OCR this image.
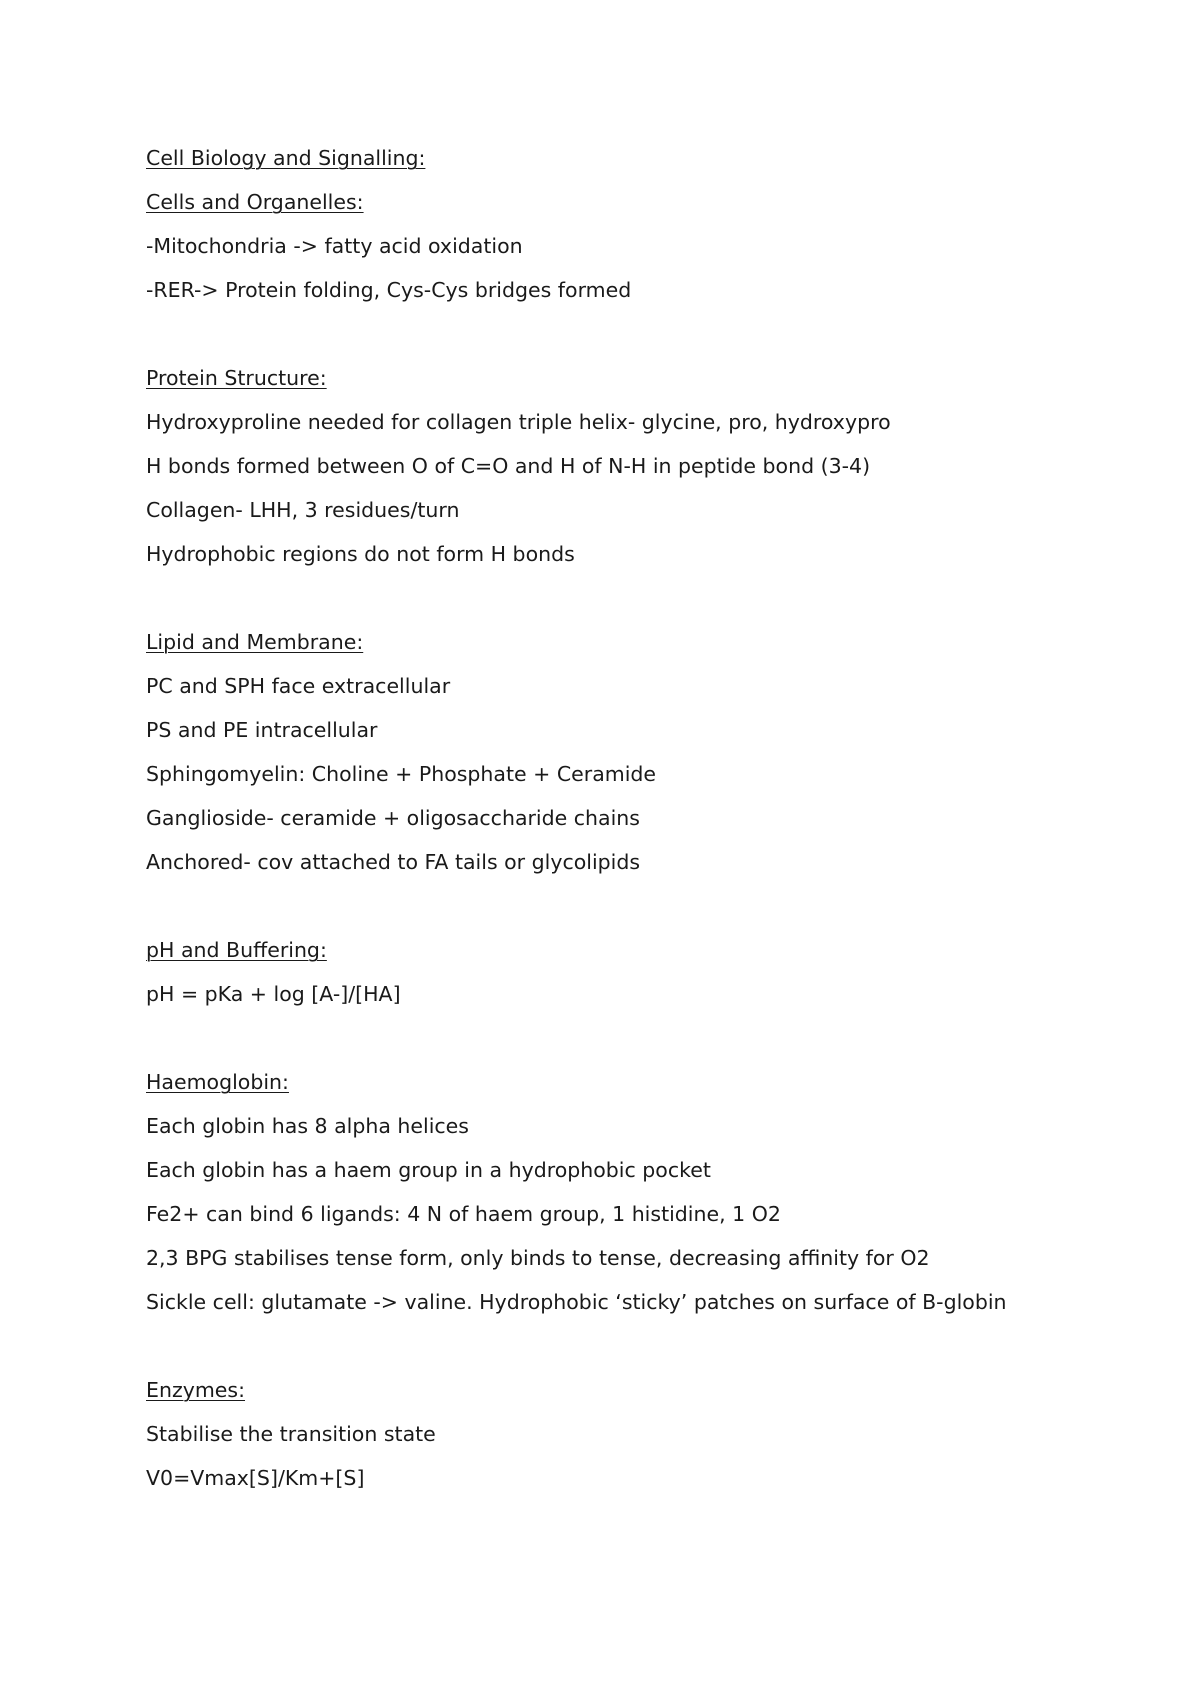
Cell Biology and Signalling:

Cells and Organelles:

-Mitochondria -> fatty acid oxidation

-RER-> Protein folding, Cys-Cys bridges formed

Protein Structure:

Hydroxyproline needed for collagen triple helix- glycine, pro, hydroxypro

H bonds formed between O of C=O and H of N-H in peptide bond (3-4)

Collagen- LHH, 3 residues/turn

Hydrophobic regions do not form H bonds

Lipid and Membrane:

PC and SPH face extracellular

PS and PE intracellular

Sphingomyelin: Choline + Phosphate + Ceramide

Ganglioside- ceramide + oligosaccharide chains

Anchored- cov attached to FA tails or glycolipids

pH and Buffering:

pH = pKa + log [A-]/[HA]

Haemoglobin:

Each globin has 8 alpha helices

Each globin has a haem group in a hydrophobic pocket

Fe2+ can bind 6 ligands: 4 N of haem group, 1 histidine, 1 O2

2,3 BPG stabilises tense form, only binds to tense, decreasing affinity for O2

Sickle cell: glutamate -> valine. Hydrophobic ‘sticky’ patches on surface of B-globin

Enzymes:

Stabilise the transition state

V0=Vmax[S]/Km+[S]
